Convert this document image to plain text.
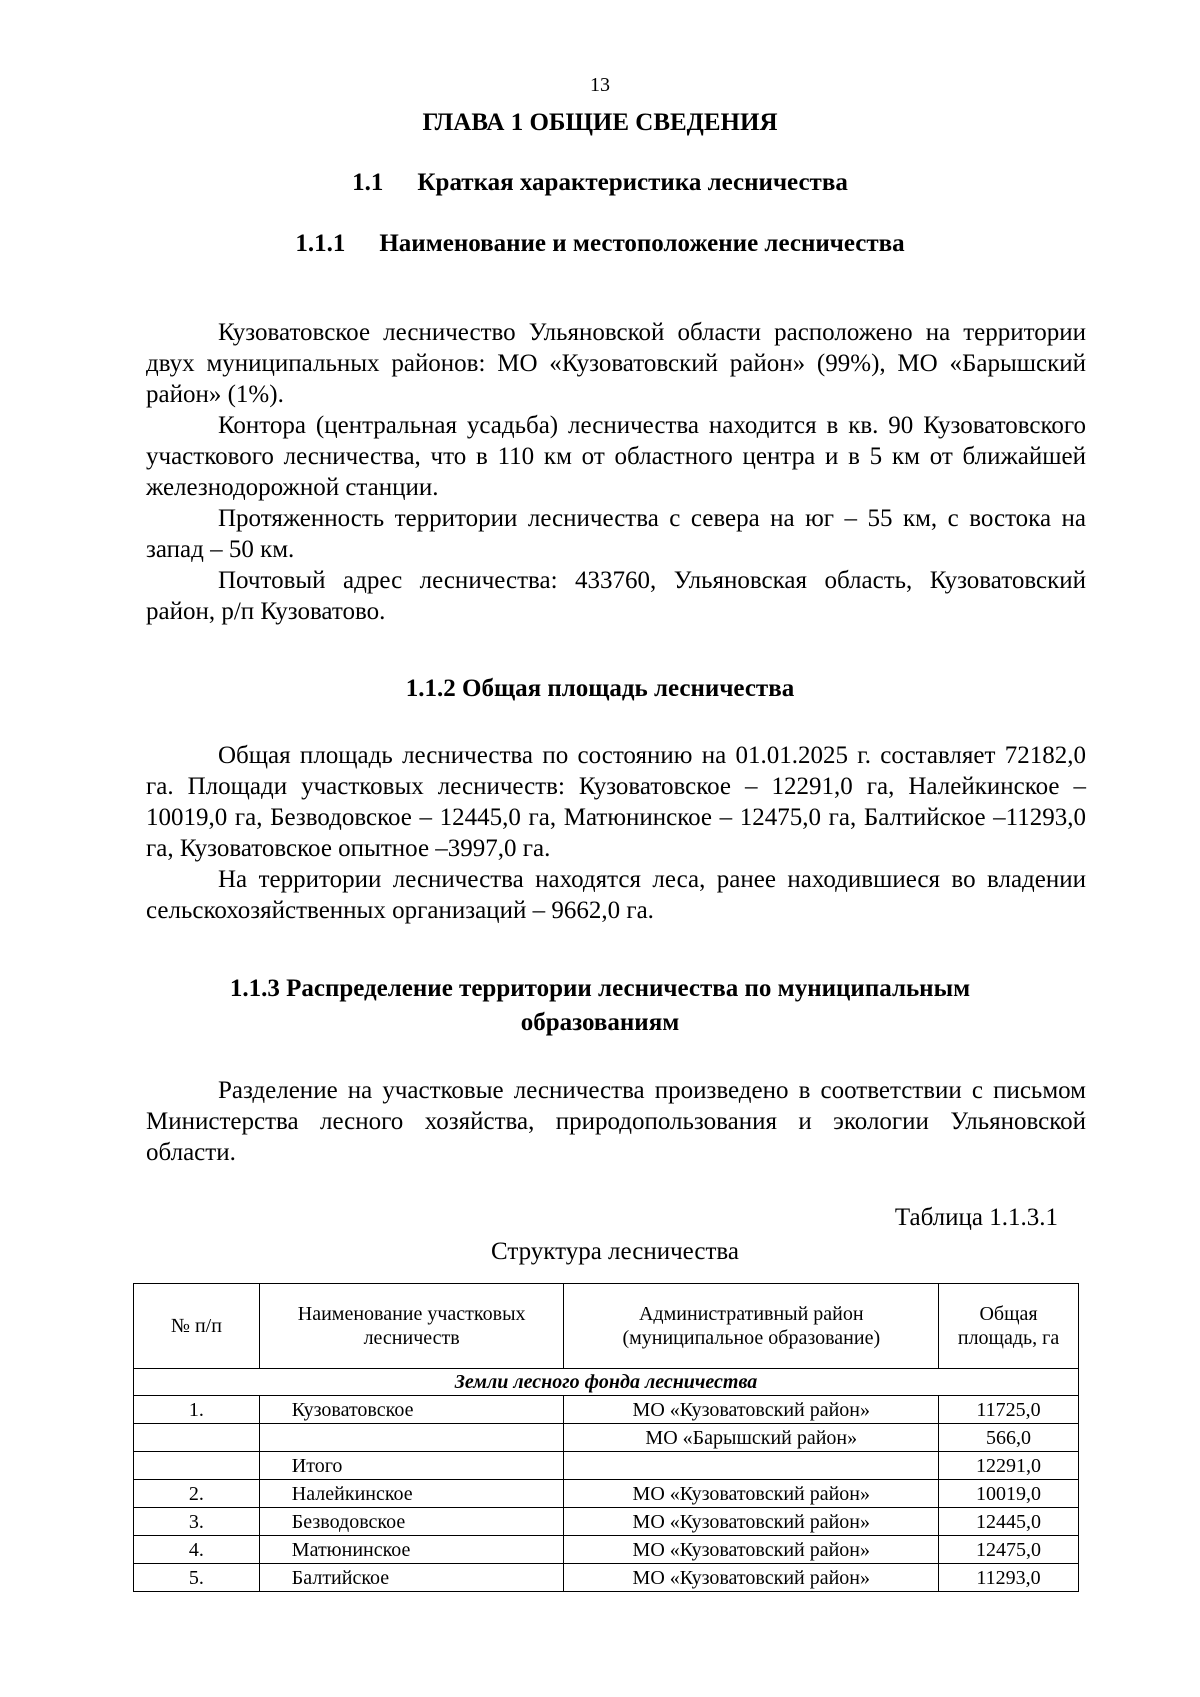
13
ГЛАВА 1 ОБЩИЕ СВЕДЕНИЯ
1.1 Краткая характеристика лесничества
1.1.1 Наименование и местоположение лесничества

Кузоватовское лесничество Ульяновской области расположено на территории двух муниципальных районов: МО «Кузоватовский район» (99%), МО «Барышский район» (1%).

Контора (центральная усадьба) лесничества находится в кв. 90 Кузоватовского участкового лесничества, что в 110 км от областного центра и в 5 км от ближайшей железнодорожной станции.

Протяженность территории лесничества с севера на юг – 55 км, с востока на запад – 50 км.

Почтовый адрес лесничества: 433760, Ульяновская область, Кузоватовский район, р/п Кузоватово.

1.1.2 Общая площадь лесничества

Общая площадь лесничества по состоянию на 01.01.2025 г. составляет 72182,0 га. Площади участковых лесничеств: Кузоватовское – 12291,0 га, Налейкинское – 10019,0 га, Безводовское – 12445,0 га, Матюнинское – 12475,0 га, Балтийское –11293,0 га, Кузоватовское опытное –3997,0 га.

На территории лесничества находятся леса, ранее находившиеся во владении сельскохозяйственных организаций – 9662,0 га.

1.1.3 Распределение территории лесничества по муниципальным
образованиям

Разделение на участковые лесничества произведено в соответствии с письмом Министерства лесного хозяйства, природопользования и экологии Ульяновской области.

Таблица 1.1.3.1
Структура лесничества
№ п/п	Наименование участковых лесничеств	Административный район (муниципальное образование)	Общая площадь, га
Земли лесного фонда лесничества			
1.	Кузоватовское	МО «Кузоватовский район»	11725,0
		МО «Барышский район»	566,0
	Итого		12291,0
2.	Налейкинское	МО «Кузоватовский район»	10019,0
3.	Безводовское	МО «Кузоватовский район»	12445,0
4.	Матюнинское	МО «Кузоватовский район»	12475,0
5.	Балтийское	МО «Кузоватовский район»	11293,0
